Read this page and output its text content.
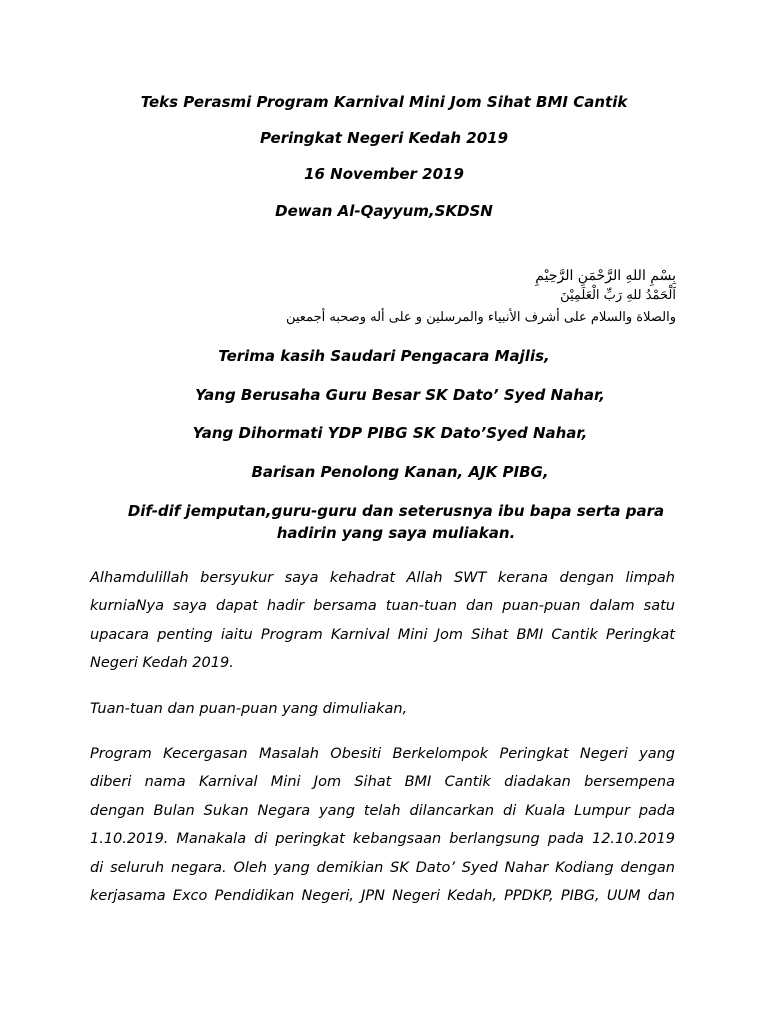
Teks Perasmi Program Karnival Mini Jom Sihat BMI Cantik
Peringkat Negeri Kedah 2019
16 November 2019
Dewan Al-Qayyum,SKDSN
بِسْمِ اللهِ الرَّحْمَنِ الرَّحِيْمِ
اَلْحَمْدُ للهِ رَبِّ الْعَلَمِيْنَ
والصلاة والسلام على أشرف الأنبياء والمرسلين و على أله وصحبه أجمعين
Terima kasih Saudari Pengacara Majlis,
Yang Berusaha Guru Besar SK Dato’ Syed Nahar,
Yang Dihormati YDP PIBG SK Dato’Syed Nahar,
Barisan Penolong Kanan, AJK PIBG,
Dif-dif jemputan,guru-guru dan seterusnya ibu bapa serta para hadirin yang saya muliakan.
Alhamdulillah bersyukur saya kehadrat Allah SWT kerana dengan limpah
kurniaNya saya dapat hadir bersama tuan-tuan dan puan-puan dalam satu
upacara penting iaitu Program Karnival Mini Jom Sihat BMI Cantik Peringkat
Negeri Kedah 2019.
Tuan-tuan dan puan-puan yang dimuliakan,
Program Kecergasan Masalah Obesiti Berkelompok Peringkat Negeri yang
diberi nama Karnival Mini Jom Sihat BMI Cantik diadakan bersempena
dengan Bulan Sukan Negara yang telah dilancarkan di Kuala Lumpur pada
1.10.2019. Manakala di peringkat kebangsaan berlangsung pada 12.10.2019
di seluruh negara. Oleh yang demikian SK Dato’ Syed Nahar Kodiang dengan
kerjasama Exco Pendidikan Negeri, JPN Negeri Kedah, PPDKP, PIBG, UUM dan
